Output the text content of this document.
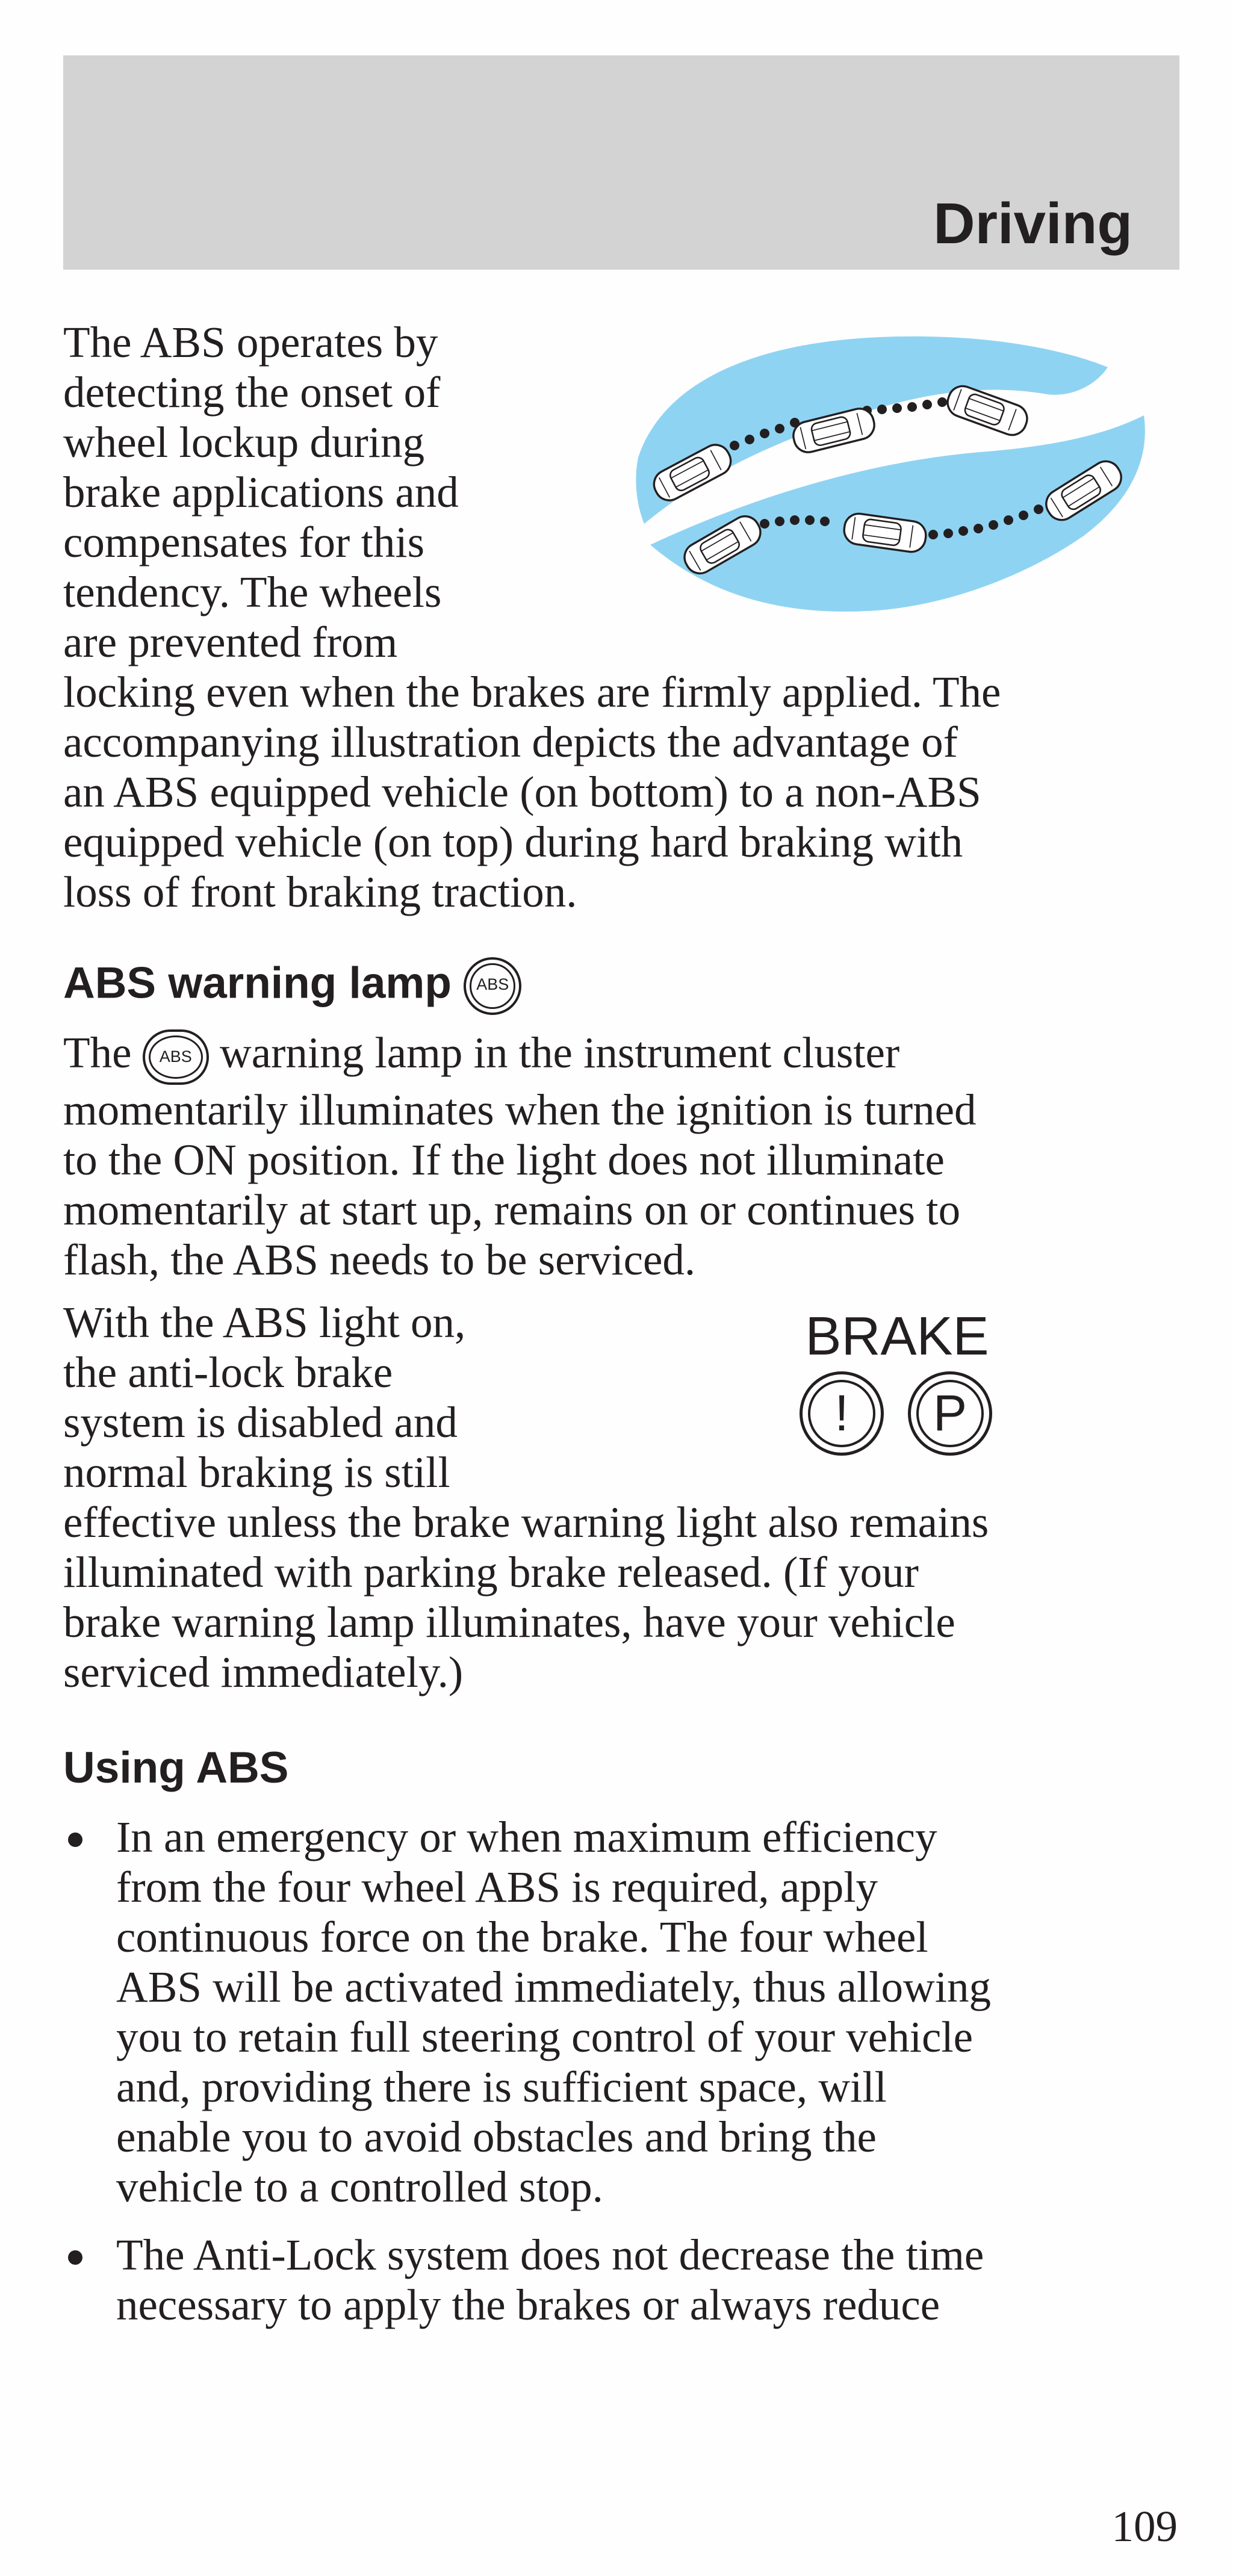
Driving
The ABS operates by
detecting the onset of
wheel lockup during
brake applications and
compensates for this
tendency. The wheels
are prevented from
locking even when the brakes are firmly applied. The
accompanying illustration depicts the advantage of
an ABS equipped vehicle (on bottom) to a non-ABS
equipped vehicle (on top) during hard braking with
loss of front braking traction.
ABS warning lamp ABS
The ABS warning lamp in the instrument cluster
momentarily illuminates when the ignition is turned
to the ON position. If the light does not illuminate
momentarily at start up, remains on or continues to
flash, the ABS needs to be serviced.
BRAKE
!	P
With the ABS light on,
the anti-lock brake
system is disabled and
normal braking is still
effective unless the brake warning light also remains
illuminated with parking brake released. (If your
brake warning lamp illuminates, have your vehicle
serviced immediately.)
Using ABS
In an emergency or when maximum efficiency
from the four wheel ABS is required, apply
continuous force on the brake. The four wheel
ABS will be activated immediately, thus allowing
you to retain full steering control of your vehicle
and, providing there is sufficient space, will
enable you to avoid obstacles and bring the
vehicle to a controlled stop.
The Anti-Lock system does not decrease the time
necessary to apply the brakes or always reduce
109
